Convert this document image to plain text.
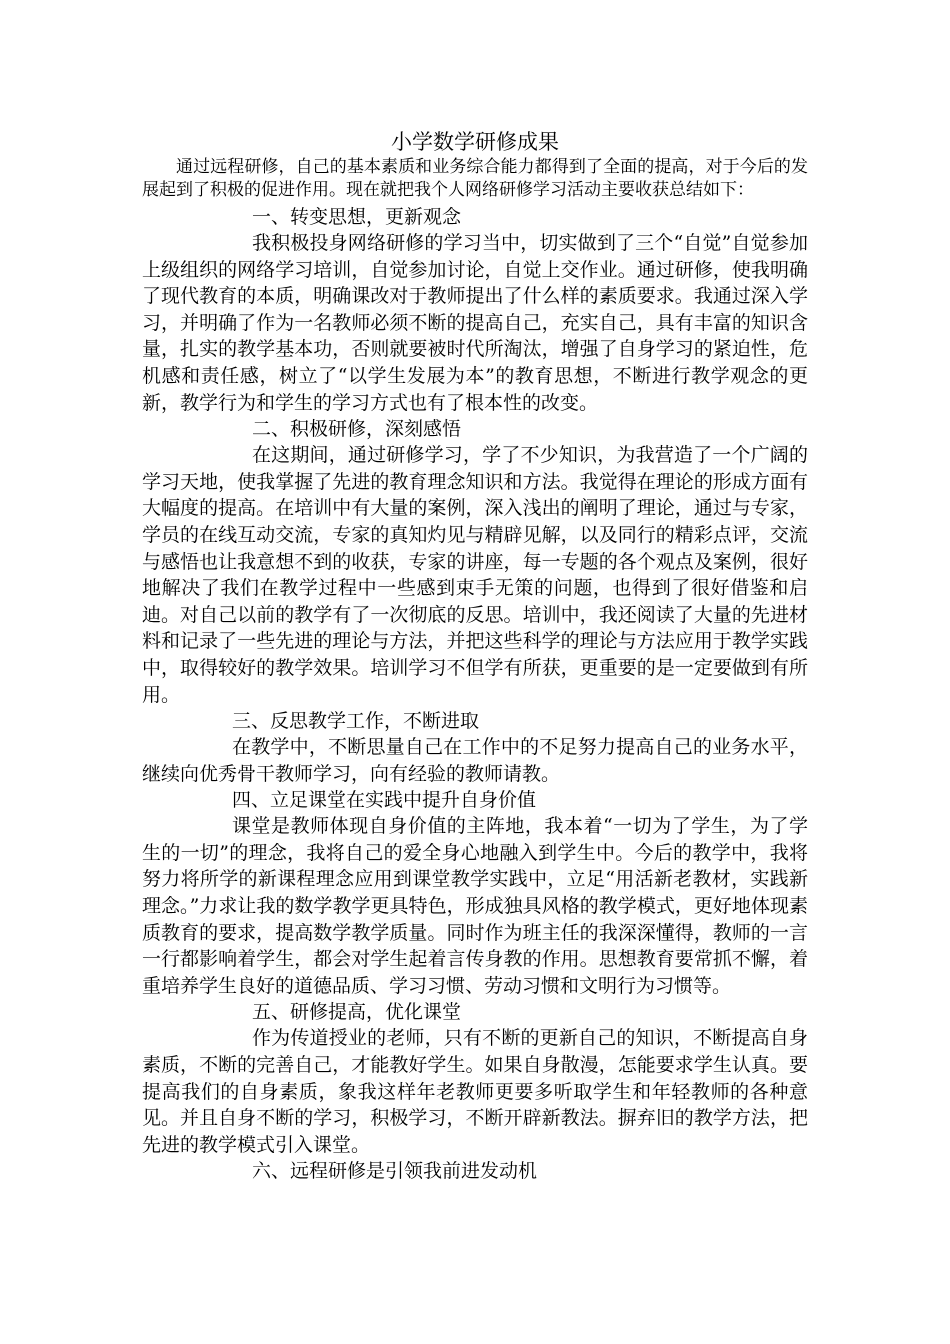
小学数学研修成果

通过远程研修，自己的基本素质和业务综合能力都得到了全面的提高，对于今后的发展起到了积极的促进作用。现在就把我个人网络研修学习活动主要收获总结如下：

一、转变思想，更新观念

我积极投身网络研修的学习当中，切实做到了三个“自觉”自觉参加上级组织的网络学习培训，自觉参加讨论，自觉上交作业。通过研修，使我明确了现代教育的本质，明确课改对于教师提出了什么样的素质要求。我通过深入学习，并明确了作为一名教师必须不断的提高自己，充实自己，具有丰富的知识含量，扎实的教学基本功，否则就要被时代所淘汰，增强了自身学习的紧迫性，危机感和责任感，树立了“以学生发展为本”的教育思想，不断进行教学观念的更新，教学行为和学生的学习方式也有了根本性的改变。

二、积极研修，深刻感悟

在这期间，通过研修学习，学了不少知识，为我营造了一个广阔的学习天地，使我掌握了先进的教育理念知识和方法。我觉得在理论的形成方面有大幅度的提高。在培训中有大量的案例，深入浅出的阐明了理论，通过与专家，学员的在线互动交流，专家的真知灼见与精辟见解，以及同行的精彩点评，交流与感悟也让我意想不到的收获，专家的讲座，每一专题的各个观点及案例，很好地解决了我们在教学过程中一些感到束手无策的问题，也得到了很好借鉴和启迪。对自己以前的教学有了一次彻底的反思。培训中，我还阅读了大量的先进材料和记录了一些先进的理论与方法，并把这些科学的理论与方法应用于教学实践中，取得较好的教学效果。培训学习不但学有所获，更重要的是一定要做到有所用。

三、反思教学工作，不断进取

在教学中，不断思量自己在工作中的不足努力提高自己的业务水平，继续向优秀骨干教师学习，向有经验的教师请教。

四、立足课堂在实践中提升自身价值

课堂是教师体现自身价值的主阵地，我本着“一切为了学生，为了学生的一切”的理念，我将自己的爱全身心地融入到学生中。今后的教学中，我将努力将所学的新课程理念应用到课堂教学实践中，立足“用活新老教材，实践新理念。”力求让我的数学教学更具特色，形成独具风格的教学模式，更好地体现素质教育的要求，提高数学教学质量。同时作为班主任的我深深懂得，教师的一言一行都影响着学生，都会对学生起着言传身教的作用。思想教育要常抓不懈，着重培养学生良好的道德品质、学习习惯、劳动习惯和文明行为习惯等。

五、研修提高，优化课堂

作为传道授业的老师，只有不断的更新自己的知识，不断提高自身素质，不断的完善自己，才能教好学生。如果自身散漫，怎能要求学生认真。要提高我们的自身素质，象我这样年老教师更要多听取学生和年轻教师的各种意见。并且自身不断的学习，积极学习，不断开辟新教法。摒弃旧的教学方法，把先进的教学模式引入课堂。

六、远程研修是引领我前进发动机
